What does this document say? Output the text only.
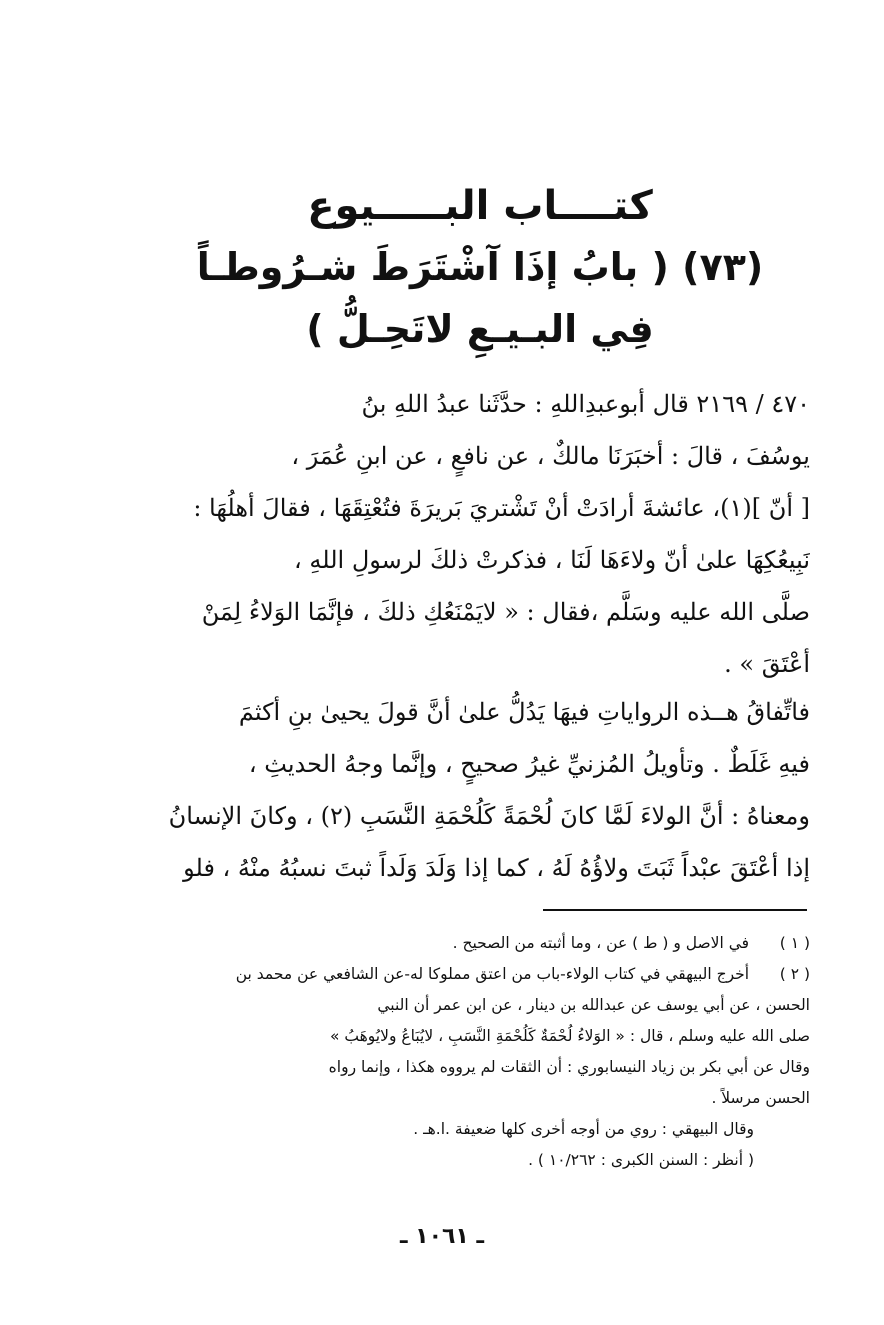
كتــــاب البـــــيوع
(٧٣) ( بابُ إذَا آشْتَرَطَ شـرُوطـاً
فِي البـيـعِ لاتَحِـلُّ )
٤٧٠ / ٢١٦٩ قال أبوعبدِاللهِ : حدَّثَنا عبدُ اللهِ بنُ
يوسُفَ ، قالَ : أخبَرَنَا مالكٌ ، عن نافعٍ ، عن ابنِ عُمَرَ ،
[ أنّ ](١)، عائشةَ أرادَتْ أنْ تَشْتريَ بَريرَةَ فتُعْتِقَهَا ، فقالَ أهلُهَا :
نَبِيعُكِهَا علىٰ أنّ ولاءَهَا لَنَا ، فذكرتْ ذلكَ لرسولِ اللهِ ،
صلَّى الله عليه وسَلَّم ،فقال : « لايَمْنَعُكِ ذلكَ ، فإنَّمَا الوَلاءُ لِمَنْ
أعْتَقَ » .
فاتِّفاقُ هــذه الرواياتِ فيهَا يَدُلُّ علىٰ أنَّ قولَ يحيىٰ بنِ أكثمَ
فيهِ غَلَطٌ . وتأويلُ المُزنيِّ غيرُ صحيحٍ ، وإنَّما وجهُ الحديثِ ،
ومعناهُ : أنَّ الولاءَ لَمَّا كانَ لُحْمَةً كَلُحْمَةِ النَّسَبِ (٢) ، وكانَ الإنسانُ
إذا أعْتَقَ عبْداً ثَبَتَ ولاؤُهُ لَهُ ، كما إذا وَلَدَ وَلَداً ثبتَ نسبُهُ منْهُ ، فلو
( ١ ) في الاصل و ( ط ) عن ، وما أثبته من الصحيح .
( ٢ ) أخرج البيهقي في كتاب الولاء-باب من اعتق مملوكا له-عن الشافعي عن محمد بن
الحسن ، عن أبي يوسف عن عبدالله بن دينار ، عن ابن عمر أن النبي
صلى الله عليه وسلم ، قال : « الوَلاءُ لُحْمَةٌ كَلُحْمَةِ النَّسَبِ ، لايُبَاعُ ولايُوهَبُ »
وقال عن أبي بكر بن زياد النيسابوري : أن الثقات لم يرووه هكذا ، وإنما رواه
الحسن مرسلاً .
وقال البيهقي : روي من أوجه أخرى كلها ضعيفة .ا.هـ .
( أنظر : السنن الكبرى : ١٠/٢٦٢ ) .
ـ ١٠٦١ ـ
